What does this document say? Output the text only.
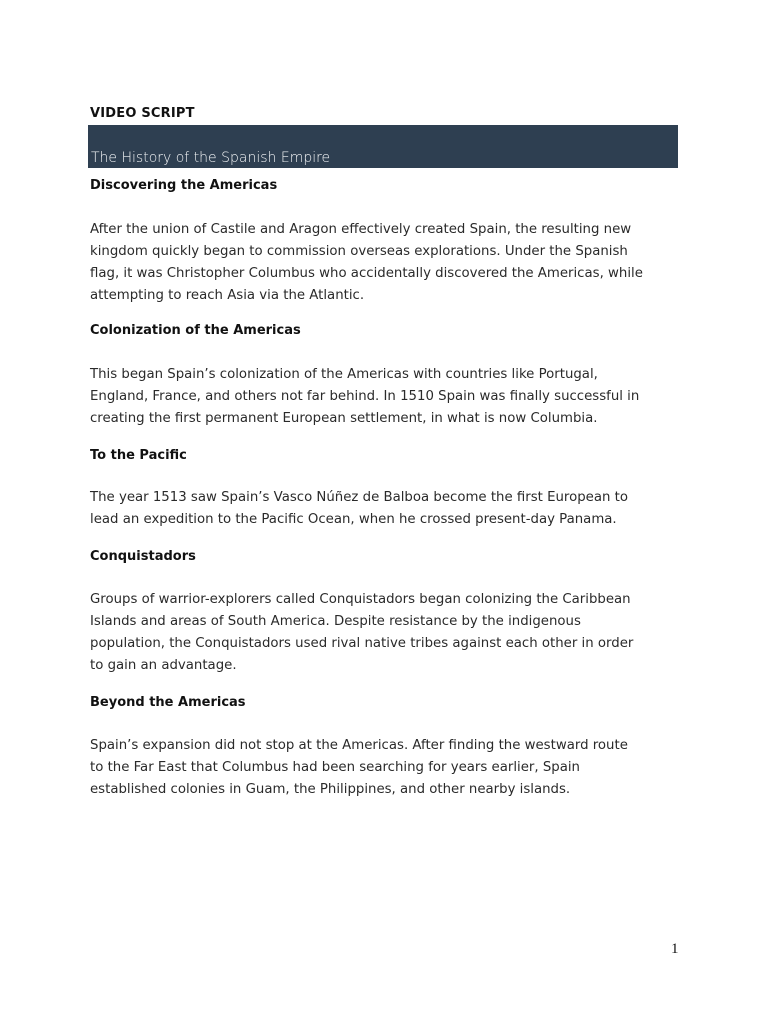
VIDEO SCRIPT
The History of the Spanish Empire
Discovering the Americas
After the union of Castile and Aragon effectively created Spain, the resulting new
kingdom quickly began to commission overseas explorations. Under the Spanish
flag, it was Christopher Columbus who accidentally discovered the Americas, while
attempting to reach Asia via the Atlantic.
Colonization of the Americas
This began Spain’s colonization of the Americas with countries like Portugal,
England, France, and others not far behind. In 1510 Spain was finally successful in
creating the first permanent European settlement, in what is now Columbia.
To the Pacific
The year 1513 saw Spain’s Vasco Núñez de Balboa become the first European to
lead an expedition to the Pacific Ocean, when he crossed present-day Panama.
Conquistadors
Groups of warrior-explorers called Conquistadors began colonizing the Caribbean
Islands and areas of South America. Despite resistance by the indigenous
population, the Conquistadors used rival native tribes against each other in order
to gain an advantage.
Beyond the Americas
Spain’s expansion did not stop at the Americas. After finding the westward route
to the Far East that Columbus had been searching for years earlier, Spain
established colonies in Guam, the Philippines, and other nearby islands.
1
